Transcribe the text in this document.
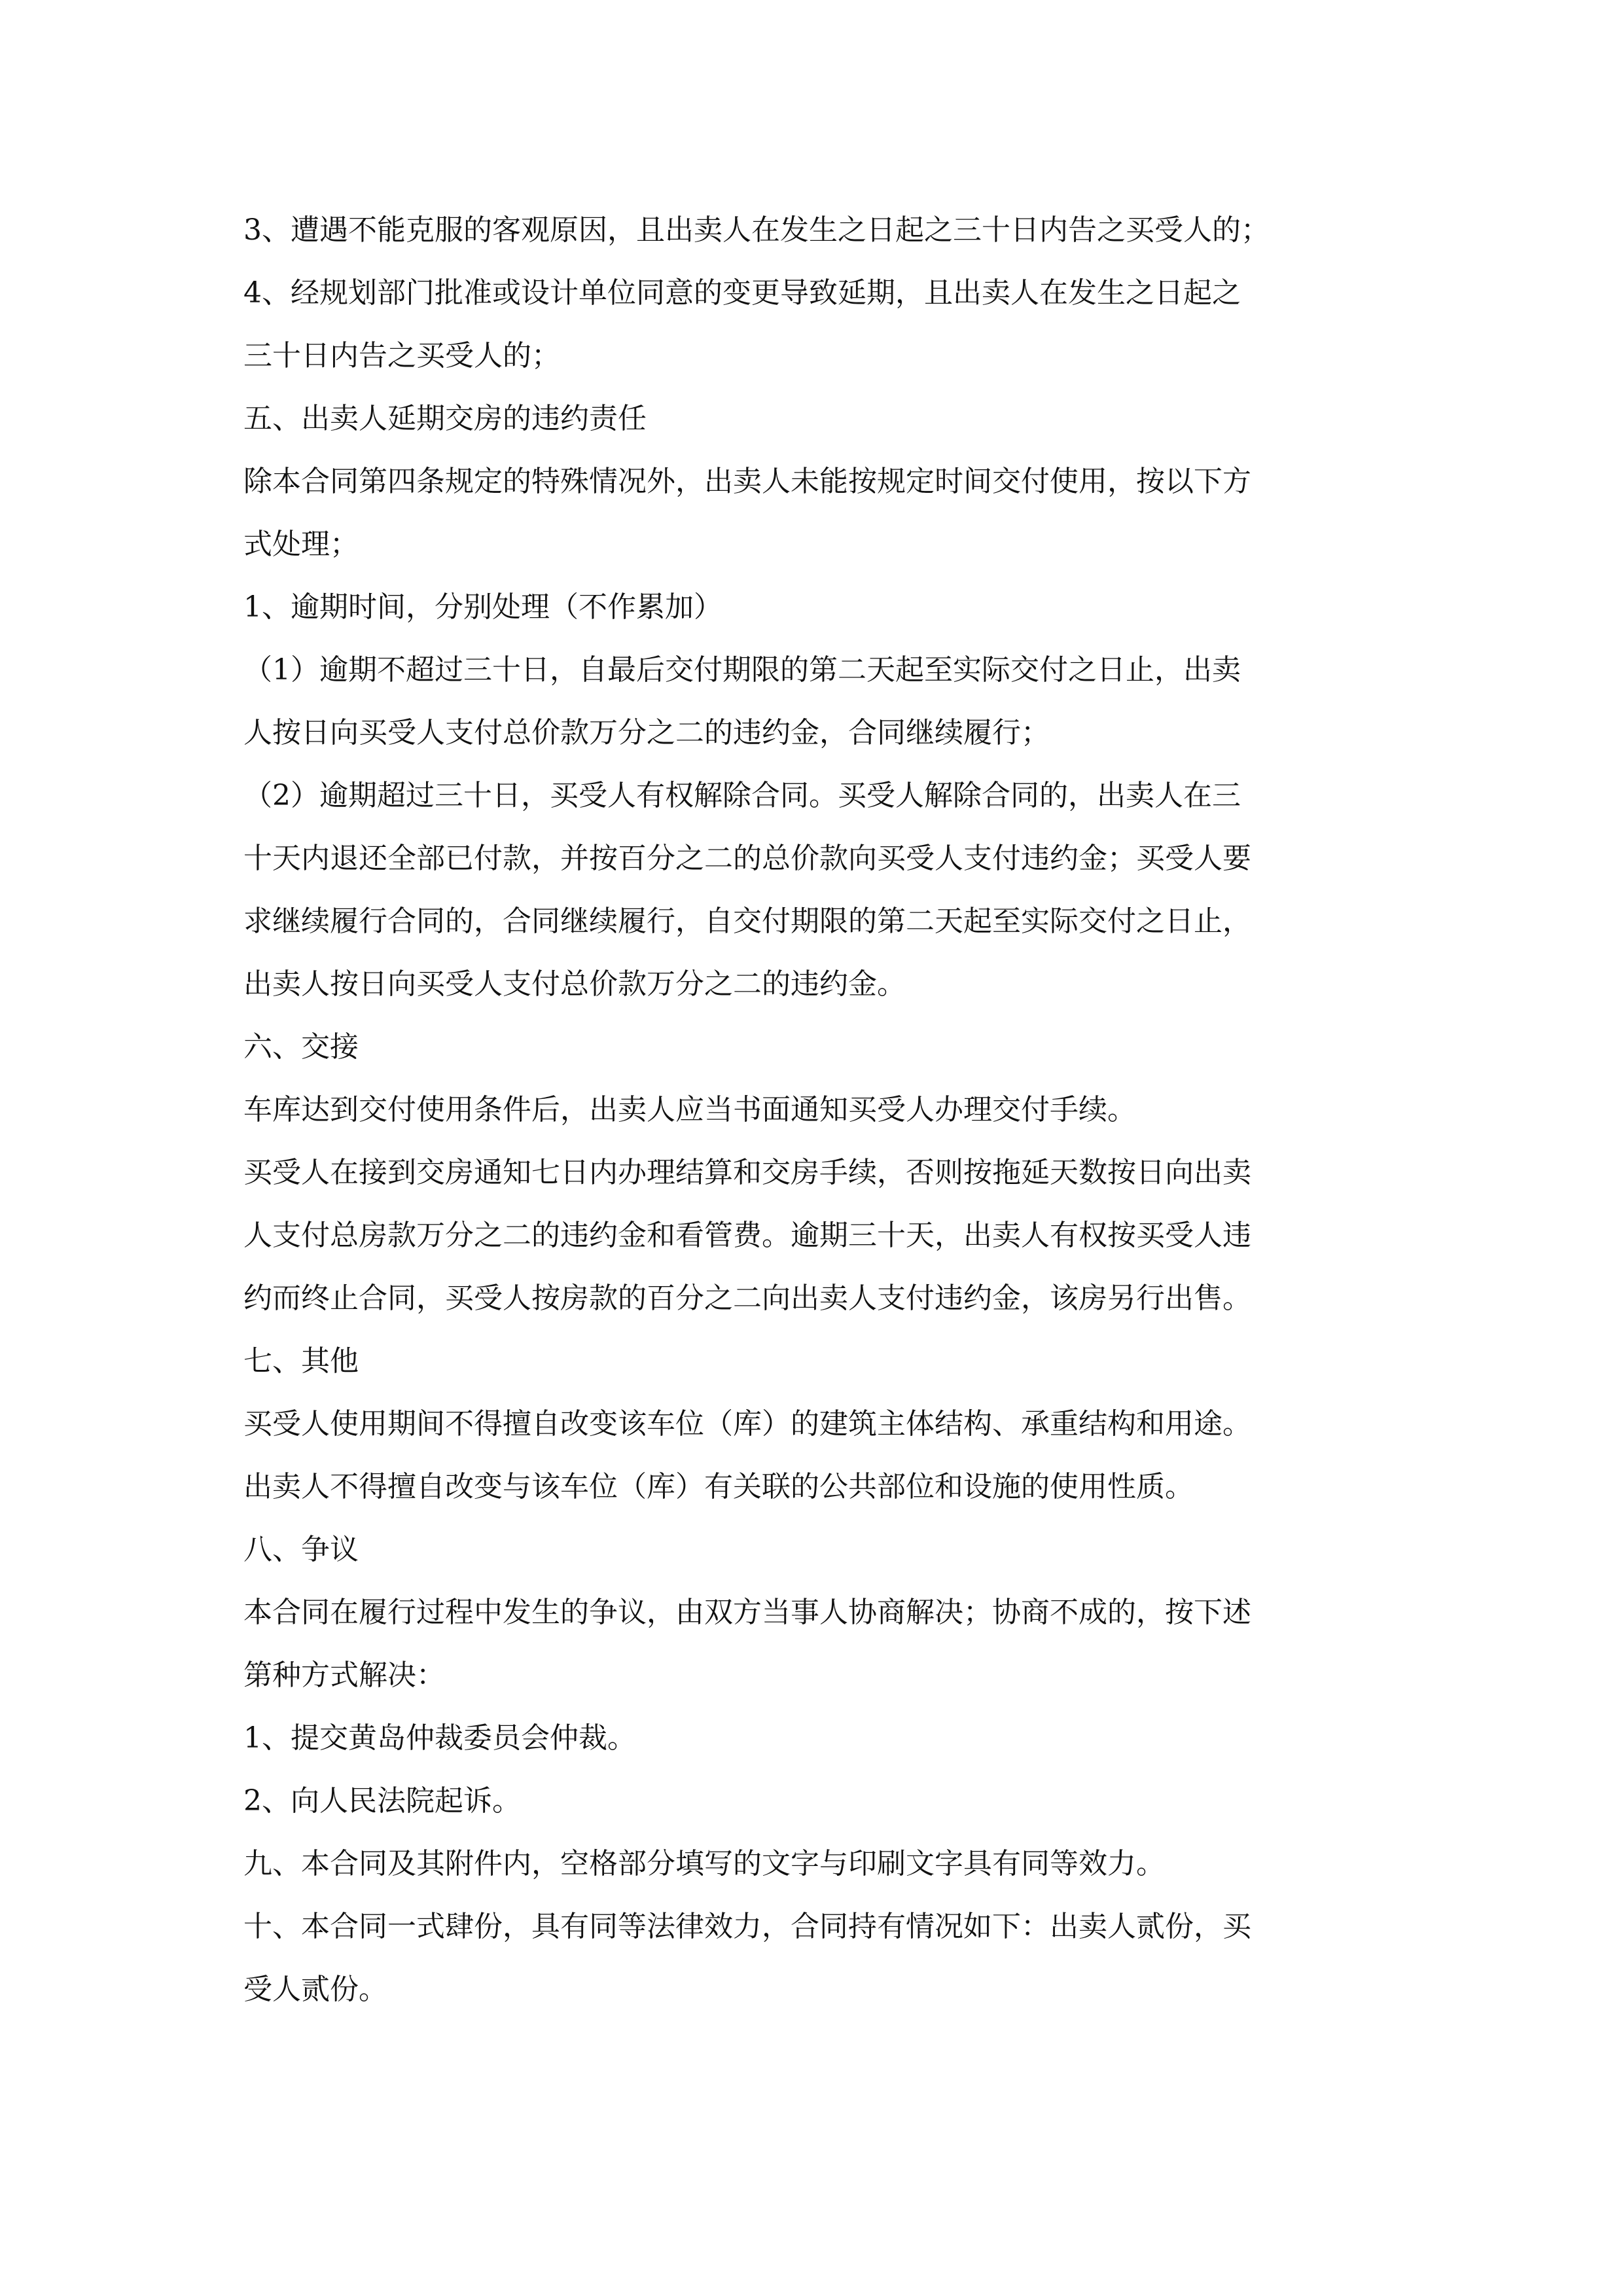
3、遭遇不能克服的客观原因，且出卖人在发生之日起之三十日内告之买受人的；
4、经规划部门批准或设计单位同意的变更导致延期，且出卖人在发生之日起之
三十日内告之买受人的；
五、出卖人延期交房的违约责任
除本合同第四条规定的特殊情况外，出卖人未能按规定时间交付使用，按以下方
式处理；
1、逾期时间，分别处理（不作累加）
（1）逾期不超过三十日，自最后交付期限的第二天起至实际交付之日止，出卖
人按日向买受人支付总价款万分之二的违约金，合同继续履行；
（2）逾期超过三十日，买受人有权解除合同。买受人解除合同的，出卖人在三
十天内退还全部已付款，并按百分之二的总价款向买受人支付违约金；买受人要
求继续履行合同的，合同继续履行，自交付期限的第二天起至实际交付之日止，
出卖人按日向买受人支付总价款万分之二的违约金。
六、交接
车库达到交付使用条件后，出卖人应当书面通知买受人办理交付手续。
买受人在接到交房通知七日内办理结算和交房手续，否则按拖延天数按日向出卖
人支付总房款万分之二的违约金和看管费。逾期三十天，出卖人有权按买受人违
约而终止合同，买受人按房款的百分之二向出卖人支付违约金，该房另行出售。
七、其他
买受人使用期间不得擅自改变该车位（库）的建筑主体结构、承重结构和用途。
出卖人不得擅自改变与该车位（库）有关联的公共部位和设施的使用性质。
八、争议
本合同在履行过程中发生的争议，由双方当事人协商解决；协商不成的，按下述
第种方式解决：
1、提交黄岛仲裁委员会仲裁。
2、向人民法院起诉。
九、本合同及其附件内，空格部分填写的文字与印刷文字具有同等效力。
十、本合同一式肆份，具有同等法律效力，合同持有情况如下：出卖人贰份，买
受人贰份。
